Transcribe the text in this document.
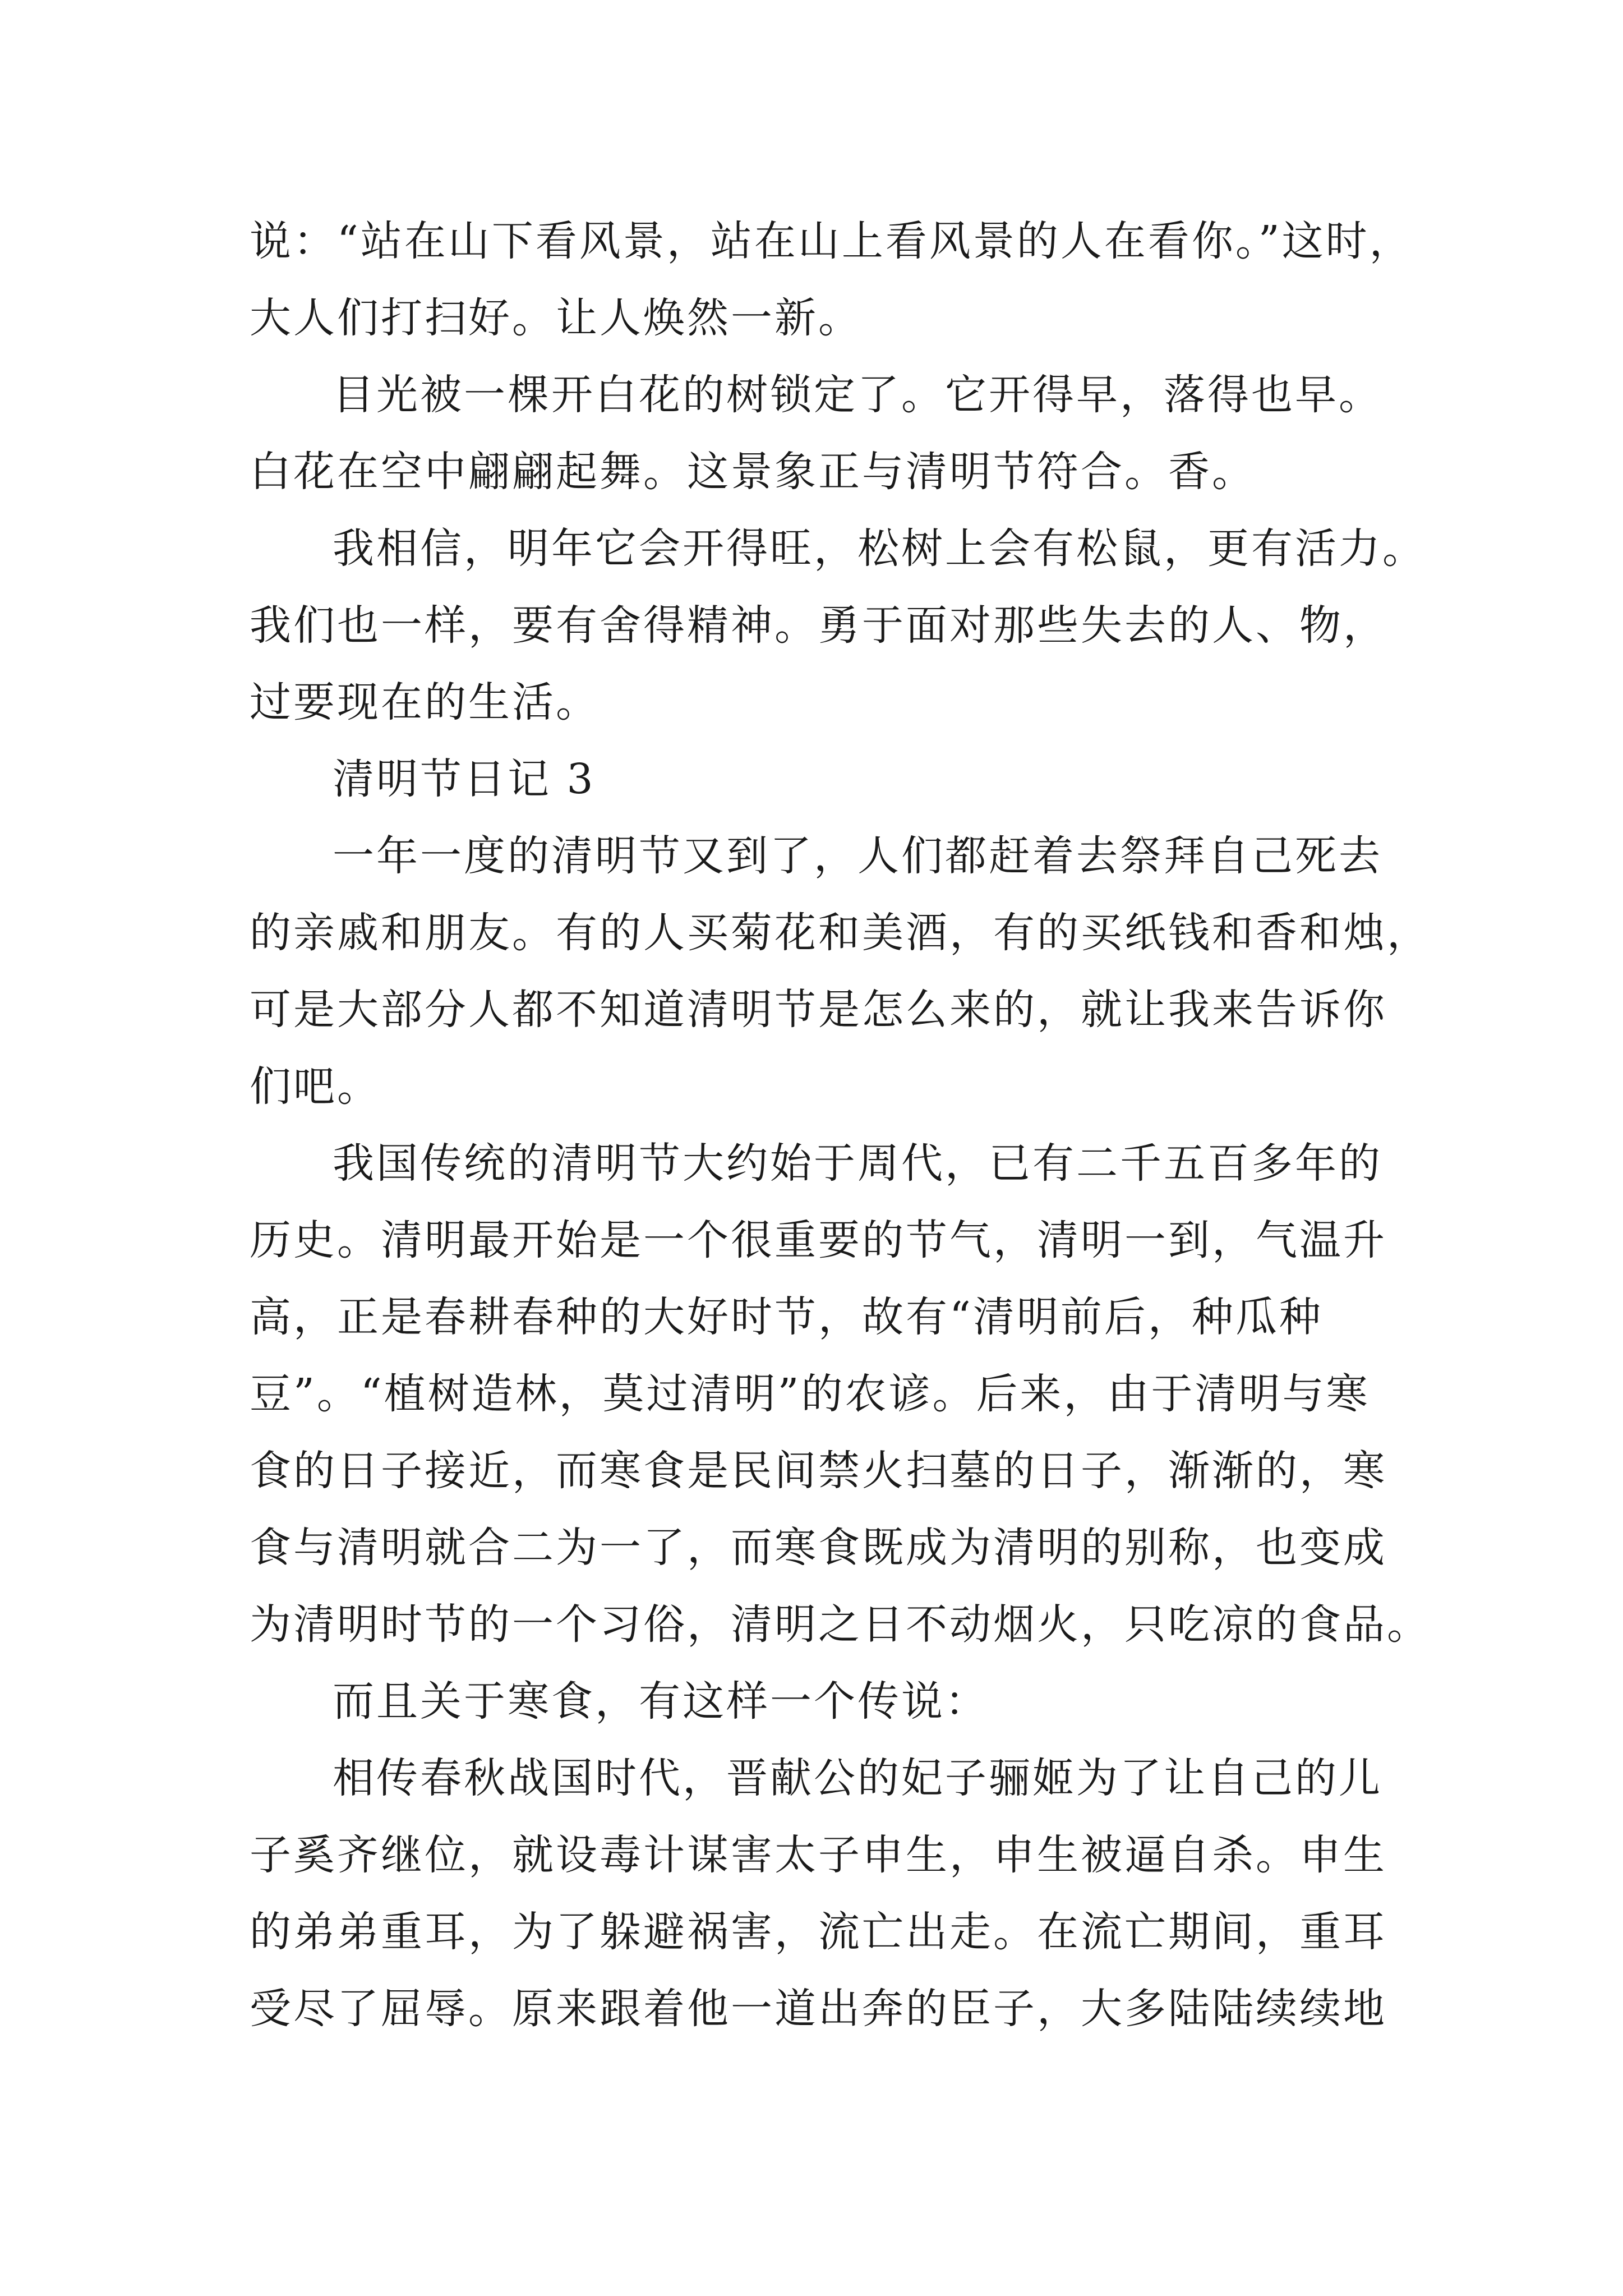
说：“站在山下看风景，站在山上看风景的人在看你。”这时，
大人们打扫好。让人焕然一新。
目光被一棵开白花的树锁定了。它开得早，落得也早。
白花在空中翩翩起舞。这景象正与清明节符合。香。
我相信，明年它会开得旺，松树上会有松鼠，更有活力。
我们也一样，要有舍得精神。勇于面对那些失去的人、物，
过要现在的生活。
清明节日记 3
一年一度的清明节又到了，人们都赶着去祭拜自己死去
的亲戚和朋友。有的人买菊花和美酒，有的买纸钱和香和烛，
可是大部分人都不知道清明节是怎么来的，就让我来告诉你
们吧。
我国传统的清明节大约始于周代，已有二千五百多年的
历史。清明最开始是一个很重要的节气，清明一到，气温升
高，正是春耕春种的大好时节，故有“清明前后，种瓜种
豆”。“植树造林，莫过清明”的农谚。后来，由于清明与寒
食的日子接近，而寒食是民间禁火扫墓的日子，渐渐的，寒
食与清明就合二为一了，而寒食既成为清明的别称，也变成
为清明时节的一个习俗，清明之日不动烟火，只吃凉的食品。
而且关于寒食，有这样一个传说：
相传春秋战国时代，晋献公的妃子骊姬为了让自己的儿
子奚齐继位，就设毒计谋害太子申生，申生被逼自杀。申生
的弟弟重耳，为了躲避祸害，流亡出走。在流亡期间，重耳
受尽了屈辱。原来跟着他一道出奔的臣子，大多陆陆续续地
